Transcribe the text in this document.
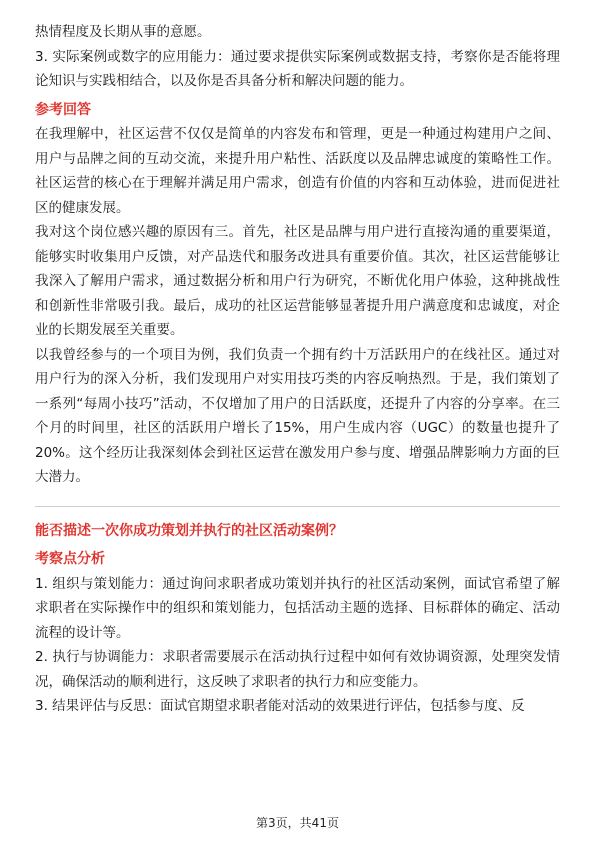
热情程度及长期从事的意愿。

3. 实际案例或数字的应用能力：通过要求提供实际案例或数据支持，考察你是否能将理论知识与实践相结合，以及你是否具备分析和解决问题的能力。

参考回答

在我理解中，社区运营不仅仅是简单的内容发布和管理，更是一种通过构建用户之间、用户与品牌之间的互动交流，来提升用户粘性、活跃度以及品牌忠诚度的策略性工作。社区运营的核心在于理解并满足用户需求，创造有价值的内容和互动体验，进而促进社区的健康发展。

我对这个岗位感兴趣的原因有三。首先，社区是品牌与用户进行直接沟通的重要渠道，能够实时收集用户反馈，对产品迭代和服务改进具有重要价值。其次，社区运营能够让我深入了解用户需求，通过数据分析和用户行为研究，不断优化用户体验，这种挑战性和创新性非常吸引我。最后，成功的社区运营能够显著提升用户满意度和忠诚度，对企业的长期发展至关重要。

以我曾经参与的一个项目为例，我们负责一个拥有约十万活跃用户的在线社区。通过对用户行为的深入分析，我们发现用户对实用技巧类的内容反响热烈。于是，我们策划了一系列“每周小技巧”活动，不仅增加了用户的日活跃度，还提升了内容的分享率。在三个月的时间里，社区的活跃用户增长了15%，用户生成内容（UGC）的数量也提升了20%。这个经历让我深刻体会到社区运营在激发用户参与度、增强品牌影响力方面的巨大潜力。

能否描述一次你成功策划并执行的社区活动案例？

考察点分析

1. 组织与策划能力：通过询问求职者成功策划并执行的社区活动案例，面试官希望了解求职者在实际操作中的组织和策划能力，包括活动主题的选择、目标群体的确定、活动流程的设计等。

2. 执行与协调能力：求职者需要展示在活动执行过程中如何有效协调资源，处理突发情况，确保活动的顺利进行，这反映了求职者的执行力和应变能力。

3. 结果评估与反思：面试官期望求职者能对活动的效果进行评估，包括参与度、反

第3页，共41页
